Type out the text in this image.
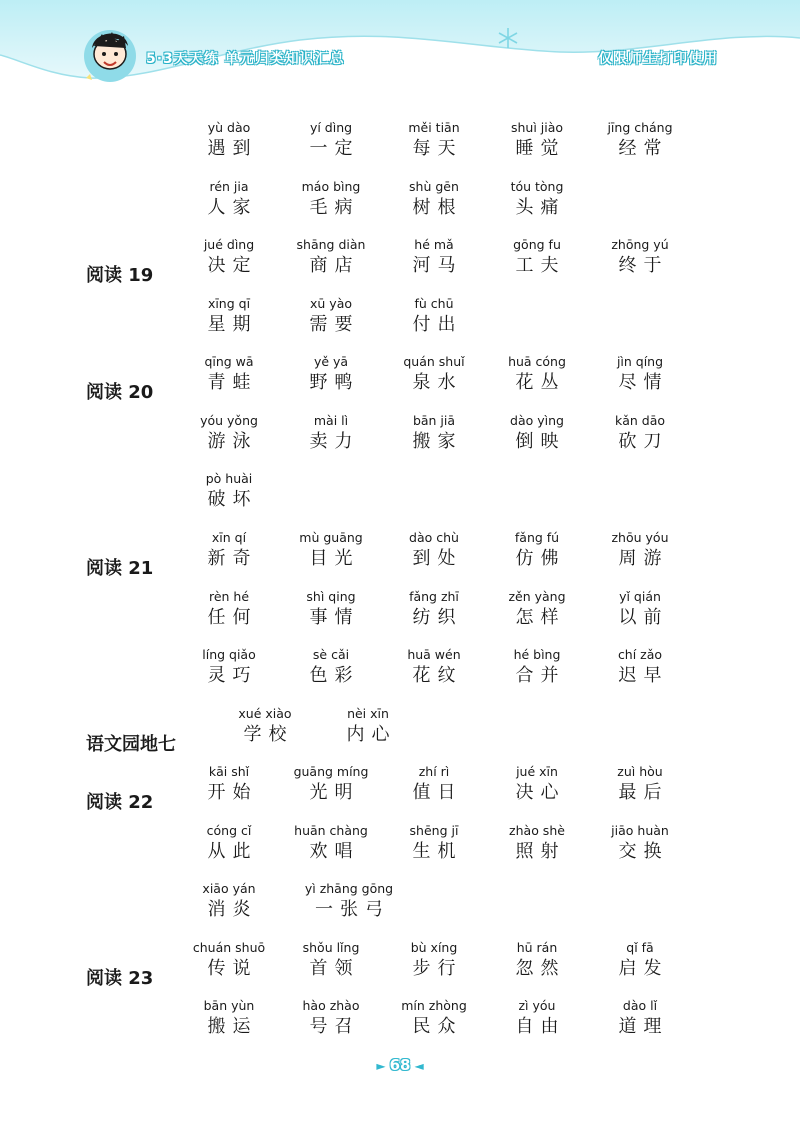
5·3天天练 单元归类知识汇总	仅限师生打印使用
yù dào
遇到
yí dìng
一定
měi tiān
每天
shuì jiào
睡觉
jīng cháng
经常
rén jia
人家
máo bìng
毛病
shù gēn
树根
tóu tòng
头痛
阅读 19
jué dìng
决定
shāng diàn
商店
hé mǎ
河马
gōng fu
工夫
zhōng yú
终于
xīng qī
星期
xū yào
需要
fù chū
付出
阅读 20
qīng wā
青蛙
yě yā
野鸭
quán shuǐ
泉水
huā cóng
花丛
jìn qíng
尽情
yóu yǒng
游泳
mài lì
卖力
bān jiā
搬家
dào yìng
倒映
kǎn dāo
砍刀
pò huài
破坏
阅读 21
xīn qí
新奇
mù guāng
目光
dào chù
到处
fǎng fú
仿佛
zhōu yóu
周游
rèn hé
任何
shì qing
事情
fǎng zhī
纺织
zěn yàng
怎样
yǐ qián
以前
líng qiǎo
灵巧
sè cǎi
色彩
huā wén
花纹
hé bìng
合并
chí zǎo
迟早
语文园地七
xué xiào
学校
nèi xīn
内心
阅读 22
kāi shǐ
开始
guāng míng
光明
zhí rì
值日
jué xīn
决心
zuì hòu
最后
cóng cǐ
从此
huān chàng
欢唱
shēng jī
生机
zhào shè
照射
jiāo huàn
交换
xiāo yán
消炎
yì zhāng gōng
一张弓
阅读 23
chuán shuō
传说
shǒu lǐng
首领
bù xíng
步行
hū rán
忽然
qǐ fā
启发
bān yùn
搬运
hào zhào
号召
mín zhòng
民众
zì yóu
自由
dào lǐ
道理
► 68 ◄
